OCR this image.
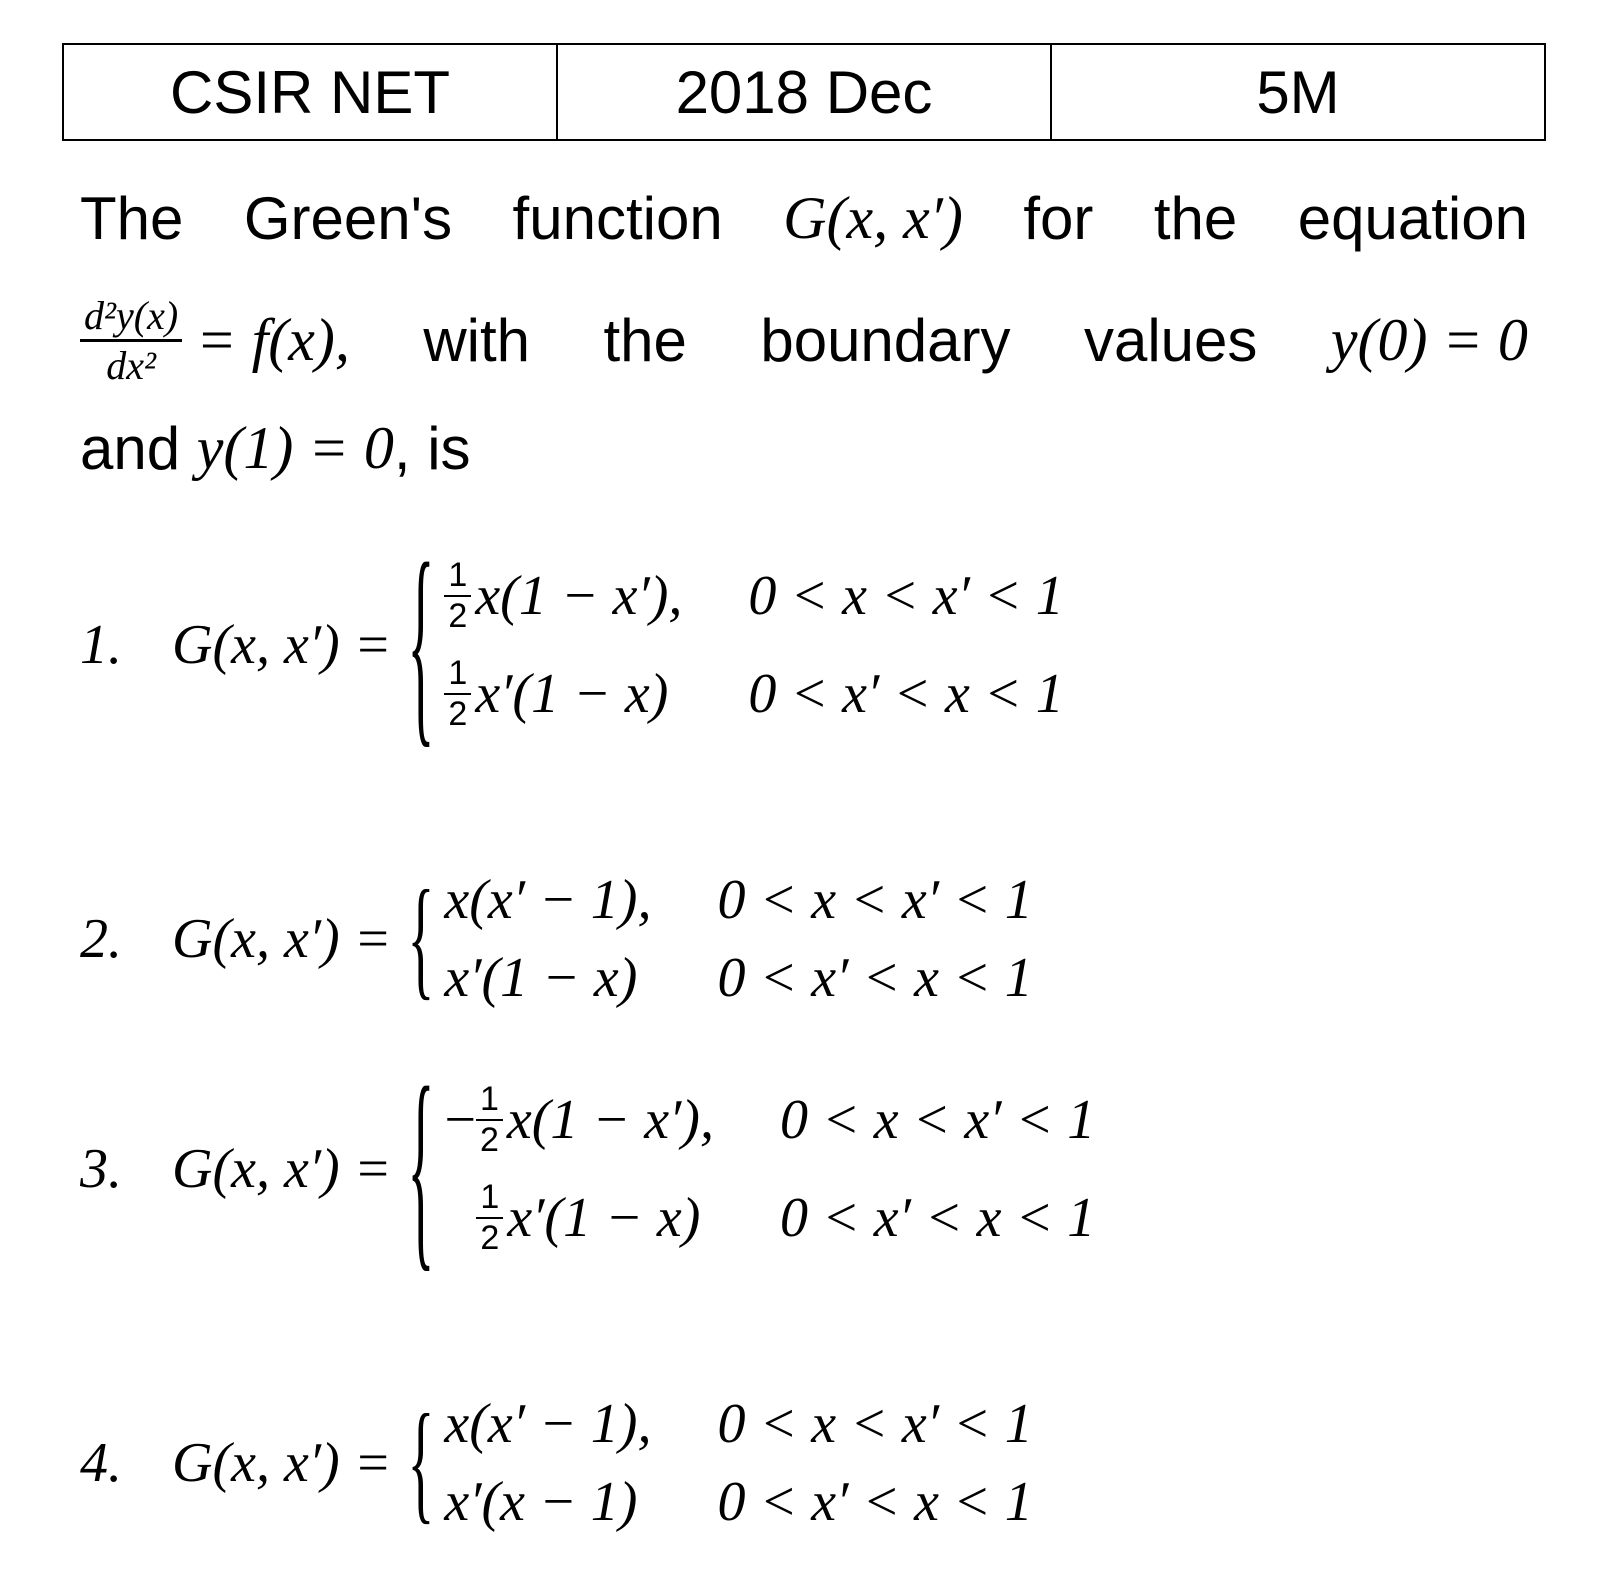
CSIR NET	2018 Dec	5M
The Green's function G(x, x′) for the equation
$\frac{\text{d²y(x)}}{\text{dx²}} = f(x)$, with the boundary values y(0) = 0
and y(1) = 0 , is
1. G(x, x′) = { $\frac{1}{2} x(1 - x')$, 0 < x < x′ < 1
$\frac{1}{2} x'(1 - x) 0 < x' < x < 1$
2. G(x, x′) = { x(x′ − 1), 0 < x < x′ < 1
x′(1 − x) 0 < x′ < x < 1
3. G(x, x′) = { − $\frac{1}{2} x(1 - x')$, 0 < x < x′ < 1
$\frac{1}{2} x'(1 - x) 0 < x' < x < 1$
4. G(x, x′) = { x(x′ − 1), 0 < x < x′ < 1
x′(x − 1) 0 < x′ < x < 1
